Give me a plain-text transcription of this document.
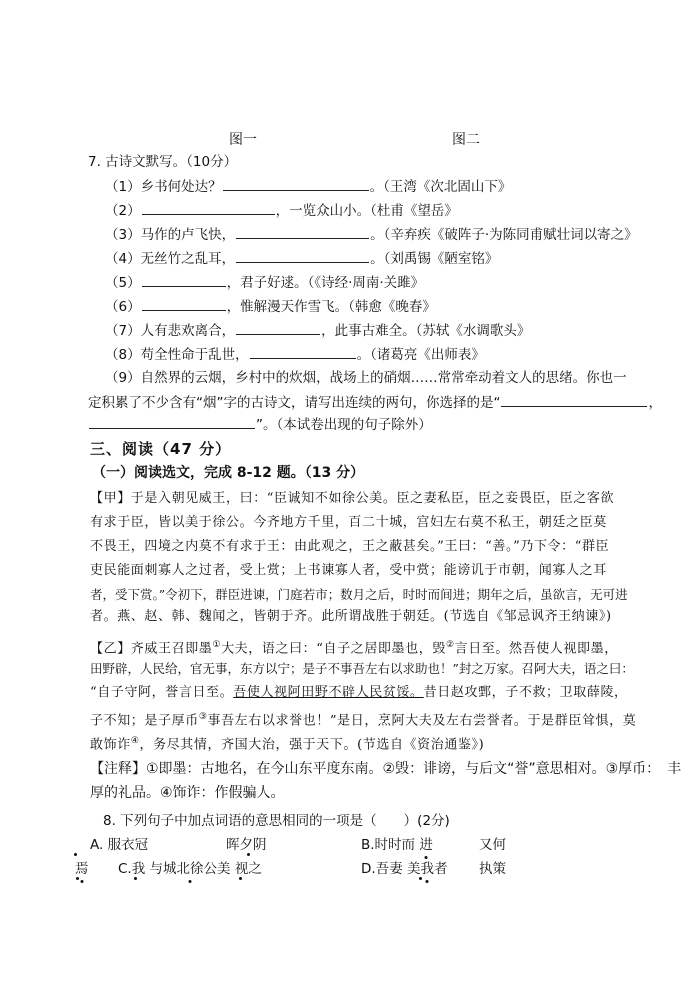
图一	图二
7. 古诗文默写。（10分）
（1）乡书何处达？	。（王湾《次北固山下》
（2）	，一览众山小。（杜甫《望岳》
（3）马作的卢飞快，	。（辛弃疾《破阵子·为陈同甫赋壮词以寄之》
（4）无丝竹之乱耳，	。（刘禹锡《陋室铭》
（5）	，君子好逑。（《诗经·周南·关雎》
（6）	，惟解漫天作雪飞。（韩愈《晚春》
（7）人有悲欢离合，	，此事古难全。（苏轼《水调歌头》
（8）苟全性命于乱世，	。（诸葛亮《出师表》
（9）自然界的云烟，乡村中的炊烟，战场上的硝烟……常常牵动着文人的思绪。你也一
定积累了不少含有“烟”字的古诗文，请写出连续的两句，你选择的是“	，
”。（本试卷出现的句子除外）
三、阅读（47 分）
（一）阅读选文，完成 8-12 题。（13 分）
【甲】于是入朝见威王，曰：“臣诚知不如徐公美。臣之妻私臣，臣之妾畏臣，臣之客欲
有求于臣，皆以美于徐公。今齐地方千里，百二十城，宫妇左右莫不私王，朝廷之臣莫
不畏王，四境之内莫不有求于王：由此观之，王之蔽甚矣。”王曰：“善。”乃下令：“群臣
吏民能面刺寡人之过者，受上赏；上书谏寡人者，受中赏；能谤讥于市朝，闻寡人之耳
者，受下赏。”令初下，群臣进谏，门庭若市；数月之后，时时而间进；期年之后，虽欲言，无可进
者。燕、赵、韩、魏闻之，皆朝于齐。此所谓战胜于朝廷。(节选自《邹忌讽齐王纳谏》)
【乙】齐威王召即墨①大夫，语之曰：“自子之居即墨也，毁②言日至。然吾使人视即墨，
田野辟，人民给，官无事，东方以宁；是子不事吾左右以求助也！”封之万家。召阿大夫，语之曰：
“自子守阿，誉言日至。吾使人视阿田野不辟人民贫馁。昔日赵攻鄄，子不救；卫取薛陵，
子不知；是子厚币③事吾左右以求誉也！”是日，烹阿大夫及左右尝誉者。于是群臣耸惧，莫
敢饰诈④，务尽其情，齐国大治，强于天下。(节选自《资治通鉴》)
【注释】①即墨：古地名，在今山东平度东南。②毁：诽谤，与后文“誉”意思相对。③厚币：　丰
厚的礼品。④饰诈：作假骗人。
8. 下列句子中加点词语的意思相同的一项是（　　）(2分)
A. 服衣冠	晖夕阴	B.时时而 进	又何
焉 C.我 与城北徐公美 视之	D.吾妻 美我者 执策
